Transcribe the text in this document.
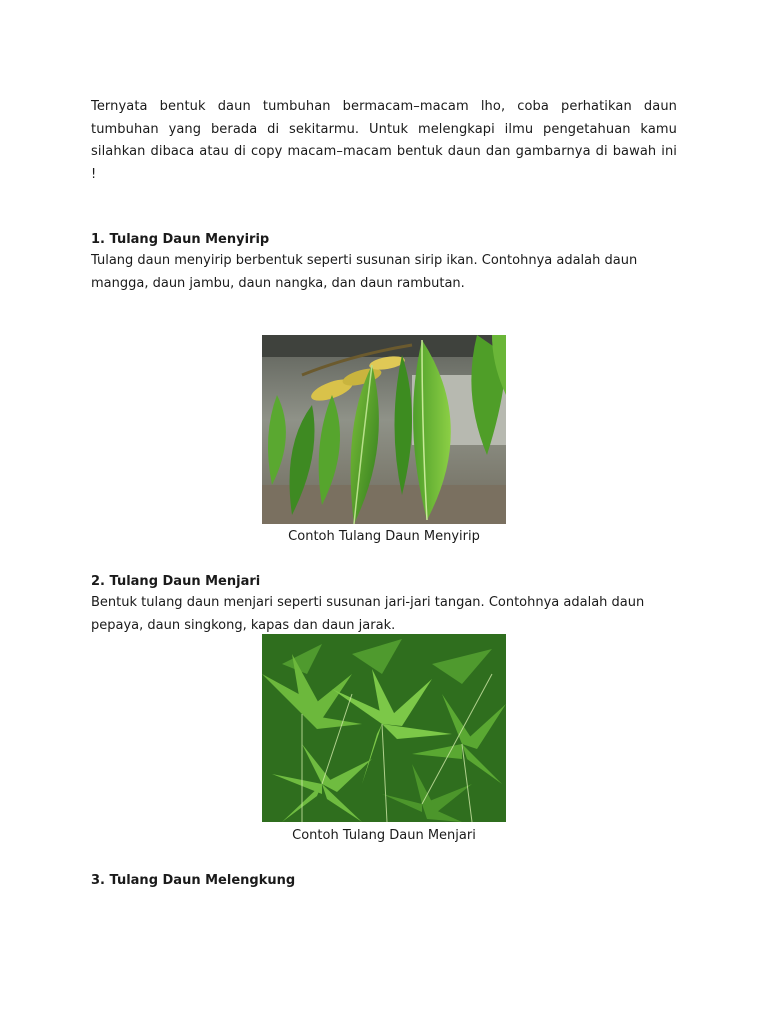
Ternyata bentuk daun tumbuhan bermacam–macam lho, coba perhatikan daun tumbuhan yang berada di sekitarmu. Untuk melengkapi ilmu pengetahuan kamu silahkan dibaca atau di copy macam–macam bentuk daun dan gambarnya di bawah ini !

1. Tulang Daun Menyirip

Tulang daun menyirip berbentuk seperti susunan sirip ikan. Contohnya adalah daun mangga, daun jambu, daun nangka, dan daun rambutan.

Contoh Tulang Daun Menyirip
2. Tulang Daun Menjari

Bentuk tulang daun menjari seperti susunan jari-jari tangan. Contohnya adalah daun pepaya, daun singkong, kapas dan daun jarak.

Contoh Tulang Daun Menjari
3. Tulang Daun Melengkung
